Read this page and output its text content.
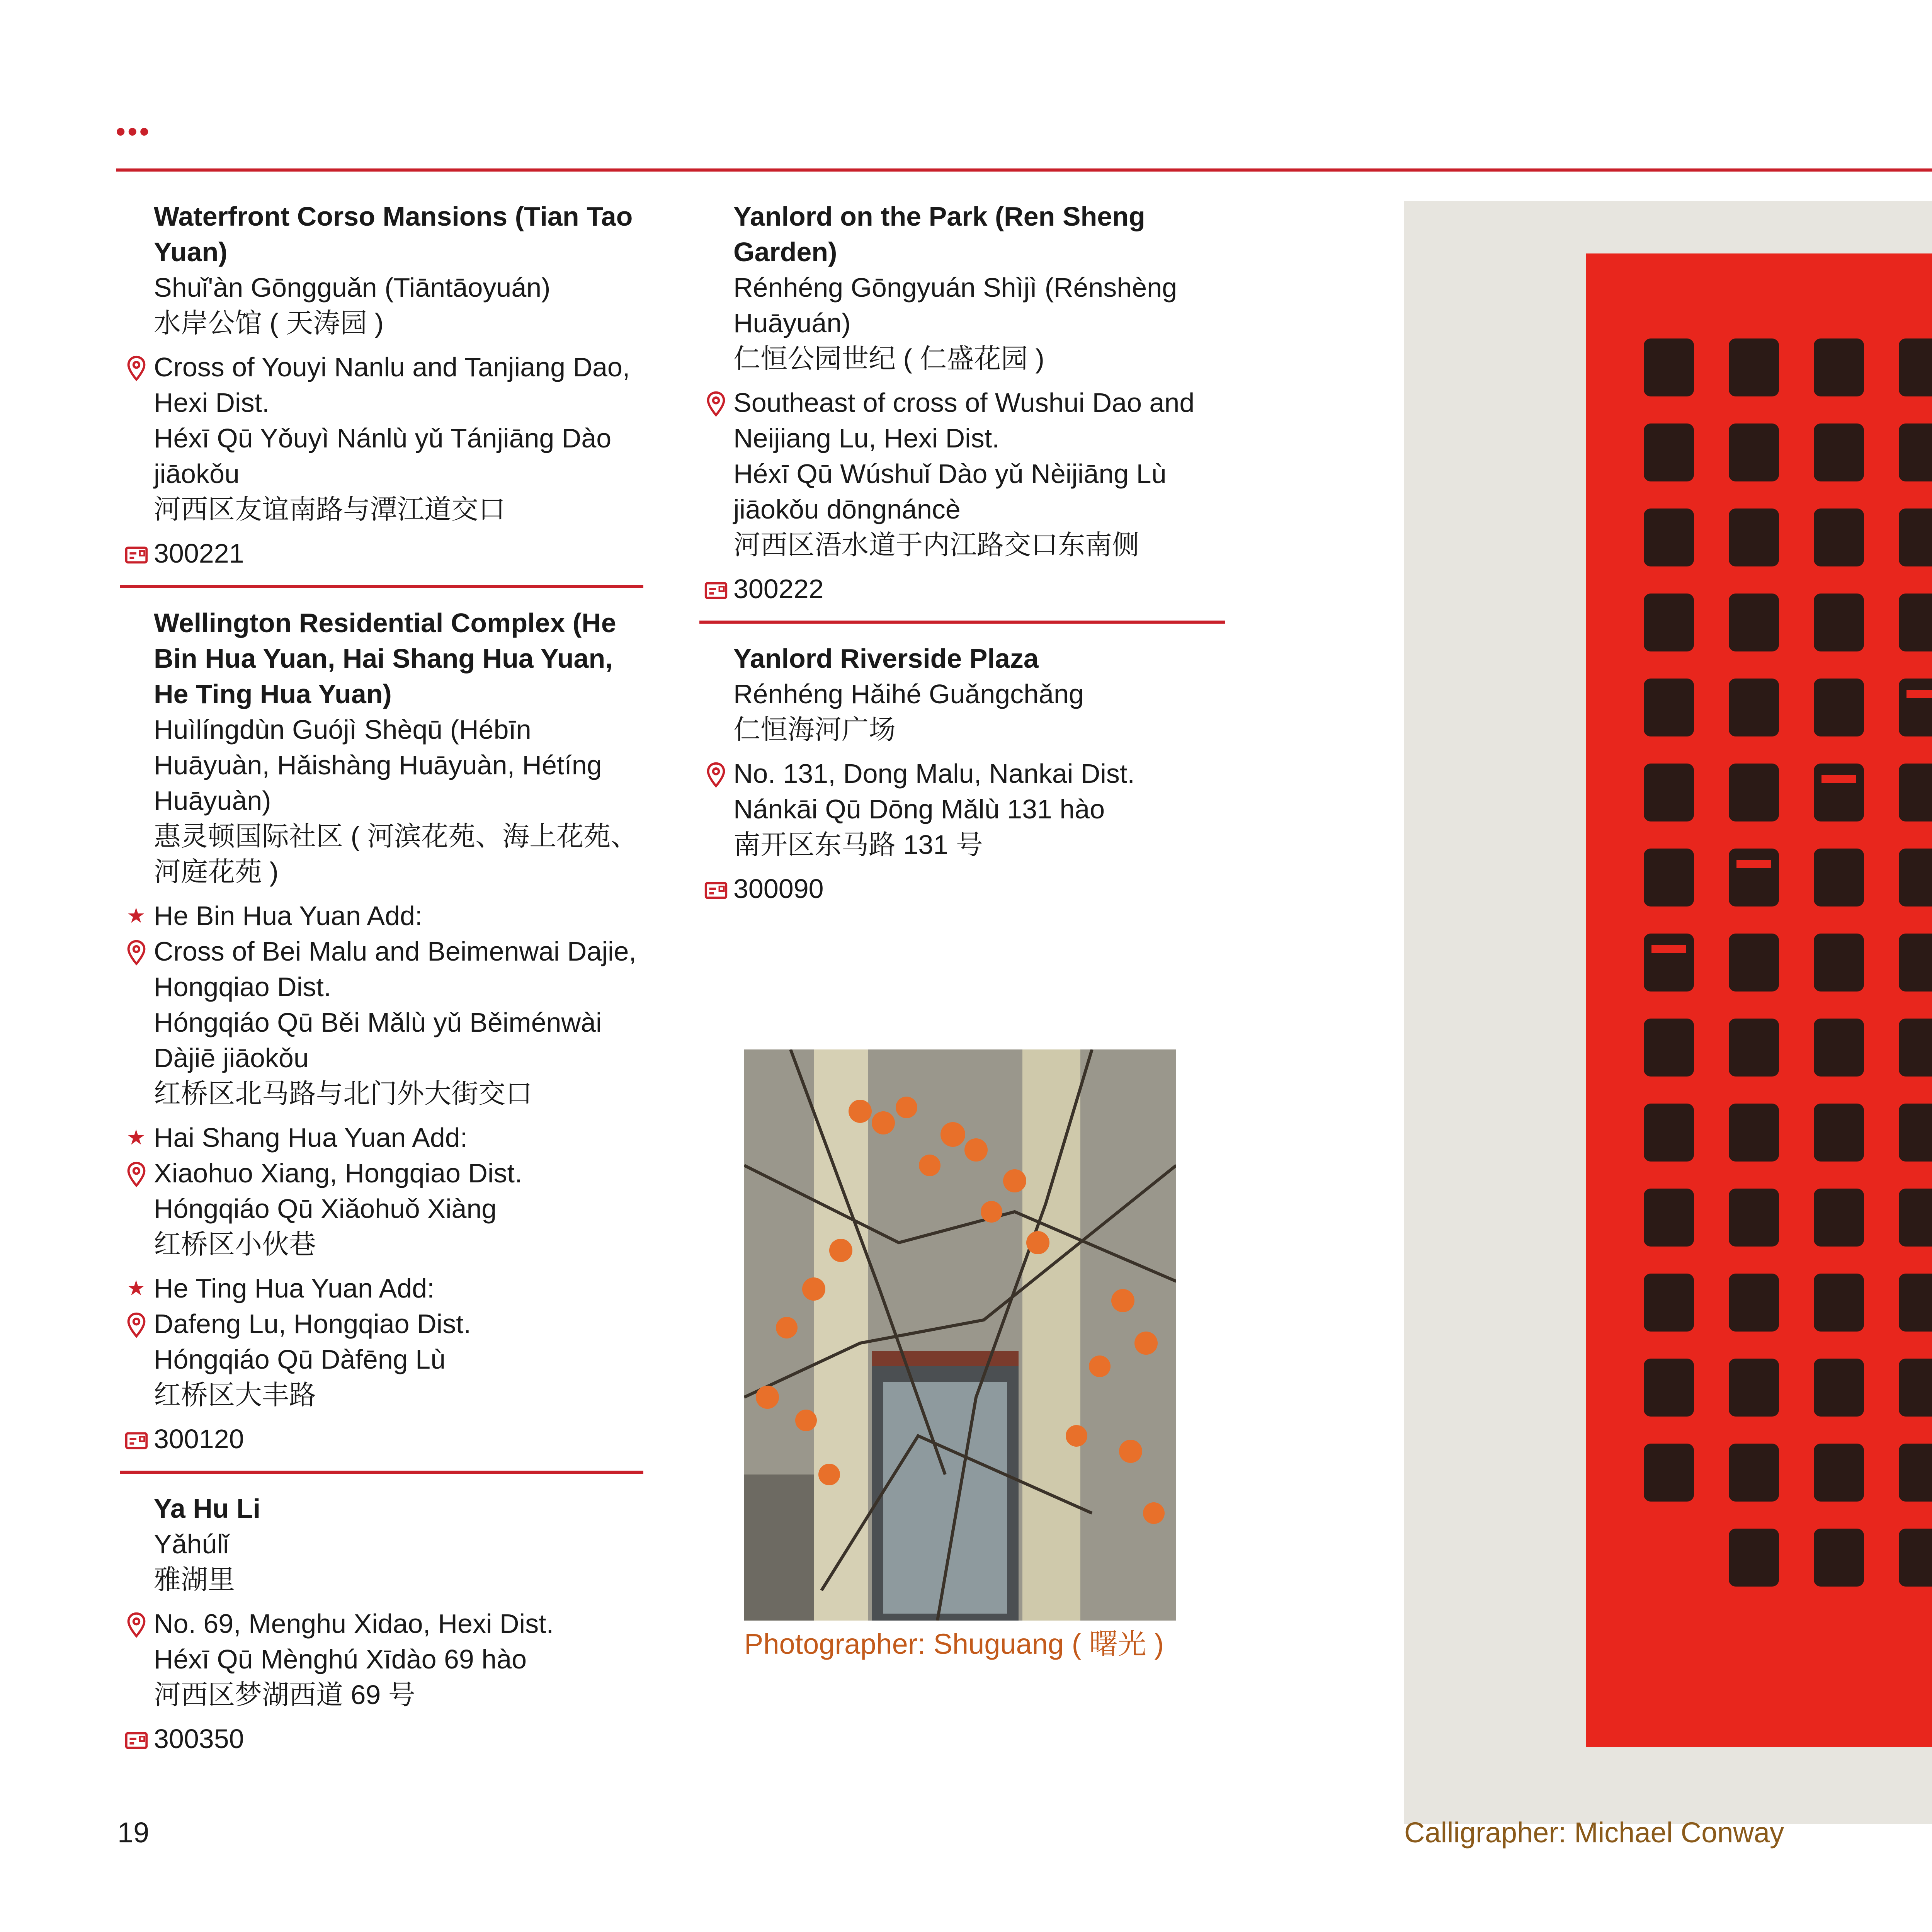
•••
Waterfront Corso Mansions (Tian Tao Yuan)
Shuǐ'àn Gōngguǎn (Tiāntāoyuán)
水岸公馆 ( 天涛园 )
Cross of Youyi Nanlu and Tanjiang Dao,
Hexi Dist.
Héxī Qū Yǒuyì Nánlù yǔ Tánjiāng Dào
jiāokǒu
河西区友谊南路与潭江道交口
300221
Wellington Residential Complex (He Bin Hua Yuan, Hai Shang Hua Yuan, He Ting Hua Yuan)
Huìlíngdùn Guójì Shèqū (Hébīn Huāyuàn, Hǎishàng Huāyuàn, Hétíng Huāyuàn)
惠灵顿国际社区 ( 河滨花苑、海上花苑、河庭花苑 )
★ He Bin Hua Yuan Add:
Cross of Bei Malu and Beimenwai Dajie,
Hongqiao Dist.
Hóngqiáo Qū Běi Mǎlù yǔ Běiménwài
Dàjiē jiāokǒu
红桥区北马路与北门外大街交口
★ Hai Shang Hua Yuan Add:
Xiaohuo Xiang, Hongqiao Dist.
Hóngqiáo Qū Xiǎohuǒ Xiàng
红桥区小伙巷
★ He Ting Hua Yuan Add:
Dafeng Lu, Hongqiao Dist.
Hóngqiáo Qū Dàfēng Lù
红桥区大丰路
300120
Ya Hu Li
Yǎhúlǐ
雅湖里
No. 69, Menghu Xidao, Hexi Dist.
Héxī Qū Mènghú Xīdào 69 hào
河西区梦湖西道 69 号
300350
Yanlord on the Park (Ren Sheng Garden)
Rénhéng Gōngyuán Shìjì (Rénshèng Huāyuán)
仁恒公园世纪 ( 仁盛花园 )
Southeast of cross of Wushui Dao and
Neijiang Lu, Hexi Dist.
Héxī Qū Wúshuǐ Dào yǔ Nèijiāng Lù
jiāokǒu dōngnáncè
河西区浯水道于内江路交口东南侧
300222
Yanlord Riverside Plaza
Rénhéng Hǎihé Guǎngchǎng
仁恒海河广场
No. 131, Dong Malu, Nankai Dist.
Nánkāi Qū Dōng Mǎlù 131 hào
南开区东马路 131 号
300090
Photographer: Shuguang ( 曙光 )
Calligrapher: Michael Conway
19
